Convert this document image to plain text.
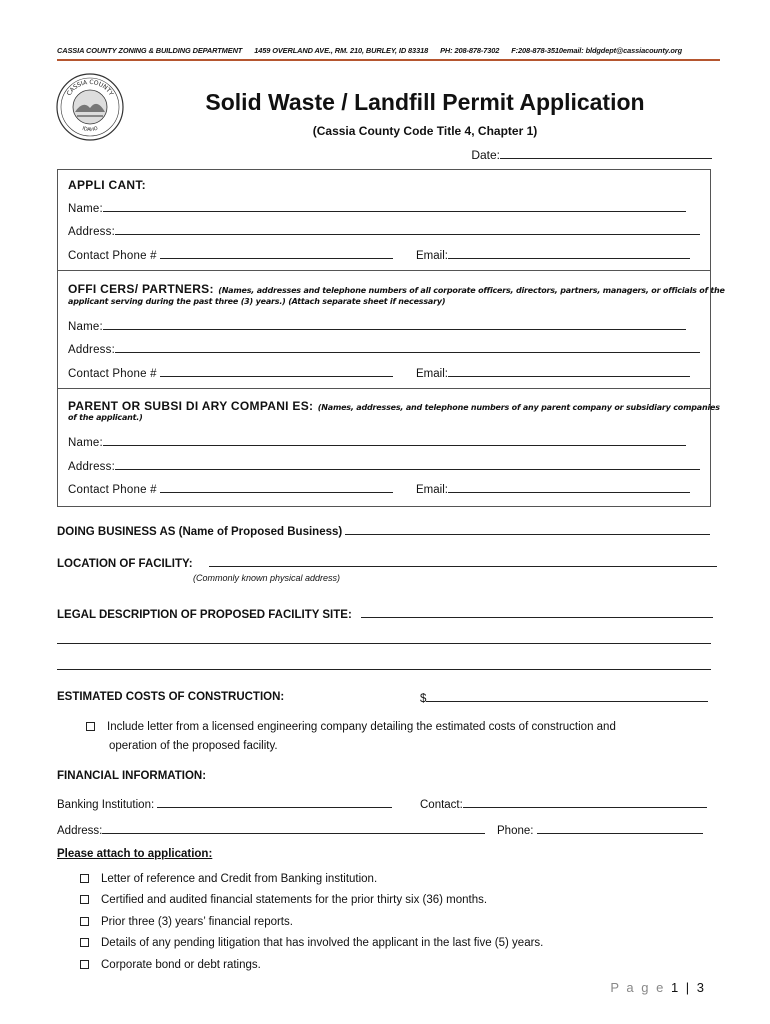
CASSIA COUNTY ZONING & BUILDING DEPARTMENT 1459 OVERLAND AVE., RM. 210, BURLEY, ID 83318 PH: 208-878-7302 F:208-878-3510email: bldgdept@cassiacounty.org
CASSIA COUNTY
IDAHO
Solid Waste / Landfill Permit Application
(Cassia County Code Title 4, Chapter 1)
Date:
APPLI CANT:
Name:
Address:
Contact Phone #	Email:
OFFI CERS/ PARTNERS: (Names, addresses and telephone numbers of all corporate officers, directors, partners, managers, or officials of the
applicant serving during the past three (3) years.) (Attach separate sheet if necessary)
Name:
Address:
Contact Phone #	Email:
PARENT OR SUBSI DI ARY COMPANI ES: (Names, addresses, and telephone numbers of any parent company or subsidiary companies
of the applicant.)
Name:
Address:
Contact Phone #	Email:
DOING BUSINESS AS (Name of Proposed Business)
LOCATION OF FACILITY:
(Commonly known physical address)
LEGAL DESCRIPTION OF PROPOSED FACILITY SITE:
ESTIMATED COSTS OF CONSTRUCTION:	$
Include letter from a licensed engineering company detailing the estimated costs of construction and
operation of the proposed facility.
FINANCIAL INFORMATION:
Banking Institution:	Contact:
Address:	Phone:
Please attach to application:
Letter of reference and Credit from Banking institution.
Certified and audited financial statements for the prior thirty six (36) months.
Prior three (3) years’ financial reports.
Details of any pending litigation that has involved the applicant in the last five (5) years.
Corporate bond or debt ratings.
P a g e 1 | 3
